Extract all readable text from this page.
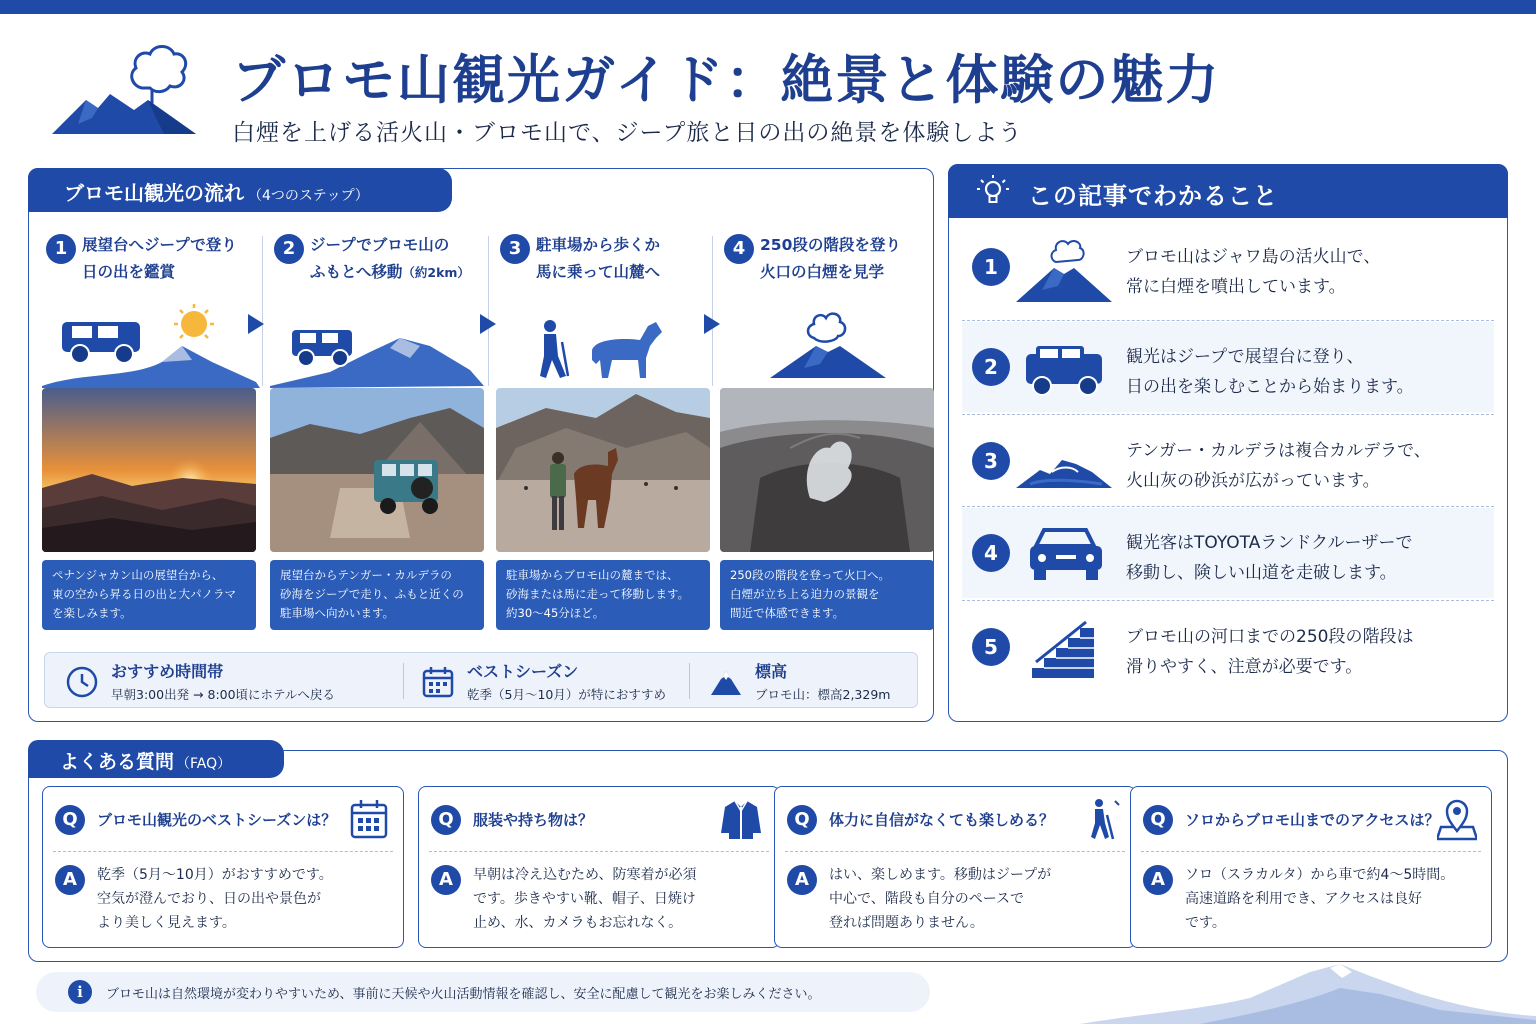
ブロモ山観光ガイド：絶景と体験の魅力
白煙を上げる活火山・ブロモ山で、ジープ旅と日の出の絶景を体験しよう
ブロモ山観光の流れ （4つのステップ）
1 展望台へジープで登り
日の出を鑑賞
ペナンジャカン山の展望台から、
東の空から昇る日の出と大パノラマ
を楽しみます。
2 ジープでブロモ山の
ふもとへ移動（約2km）
展望台からテンガー・カルデラの
砂海をジープで走り、ふもと近くの
駐車場へ向かいます。
3 駐車場から歩くか
馬に乗って山麓へ
駐車場からブロモ山の麓までは、
砂海または馬に走って移動します。
約30～45分ほど。
4 250段の階段を登り
火口の白煙を見学
250段の階段を登って火口へ。
白煙が立ち上る迫力の景観を
間近で体感できます。
おすすめ時間帯
早朝3:00出発 → 8:00頃にホテルへ戻る
ベストシーズン
乾季（5月～10月）が特におすすめ
標高
ブロモ山：標高2,329m
この記事でわかること
1	ブロモ山はジャワ島の活火山で、
常に白煙を噴出しています。
2	観光はジープで展望台に登り、
日の出を楽しむことから始まります。
3	テンガー・カルデラは複合カルデラで、
火山灰の砂浜が広がっています。
4	観光客はTOYOTAランドクルーザーで
移動し、険しい山道を走破します。
5	ブロモ山の河口までの250段の階段は
滑りやすく、注意が必要です。
よくある質問 （FAQ）
Q	ブロモ山観光のベストシーズンは？
A	乾季（5月～10月）がおすすめです。
空気が澄んでおり、日の出や景色が
より美しく見えます。
Q	服装や持ち物は？
A	早朝は冷え込むため、防寒着が必須
です。歩きやすい靴、帽子、日焼け
止め、水、カメラもお忘れなく。
Q	体力に自信がなくても楽しめる？
A	はい、楽しめます。移動はジープが
中心で、階段も自分のペースで
登れば問題ありません。
Q	ソロからブロモ山までのアクセスは？
A	ソロ（スラカルタ）から車で約4～5時間。
高速道路を利用でき、アクセスは良好
です。
i	ブロモ山は自然環境が変わりやすいため、事前に天候や火山活動情報を確認し、安全に配慮して観光をお楽しみください。
